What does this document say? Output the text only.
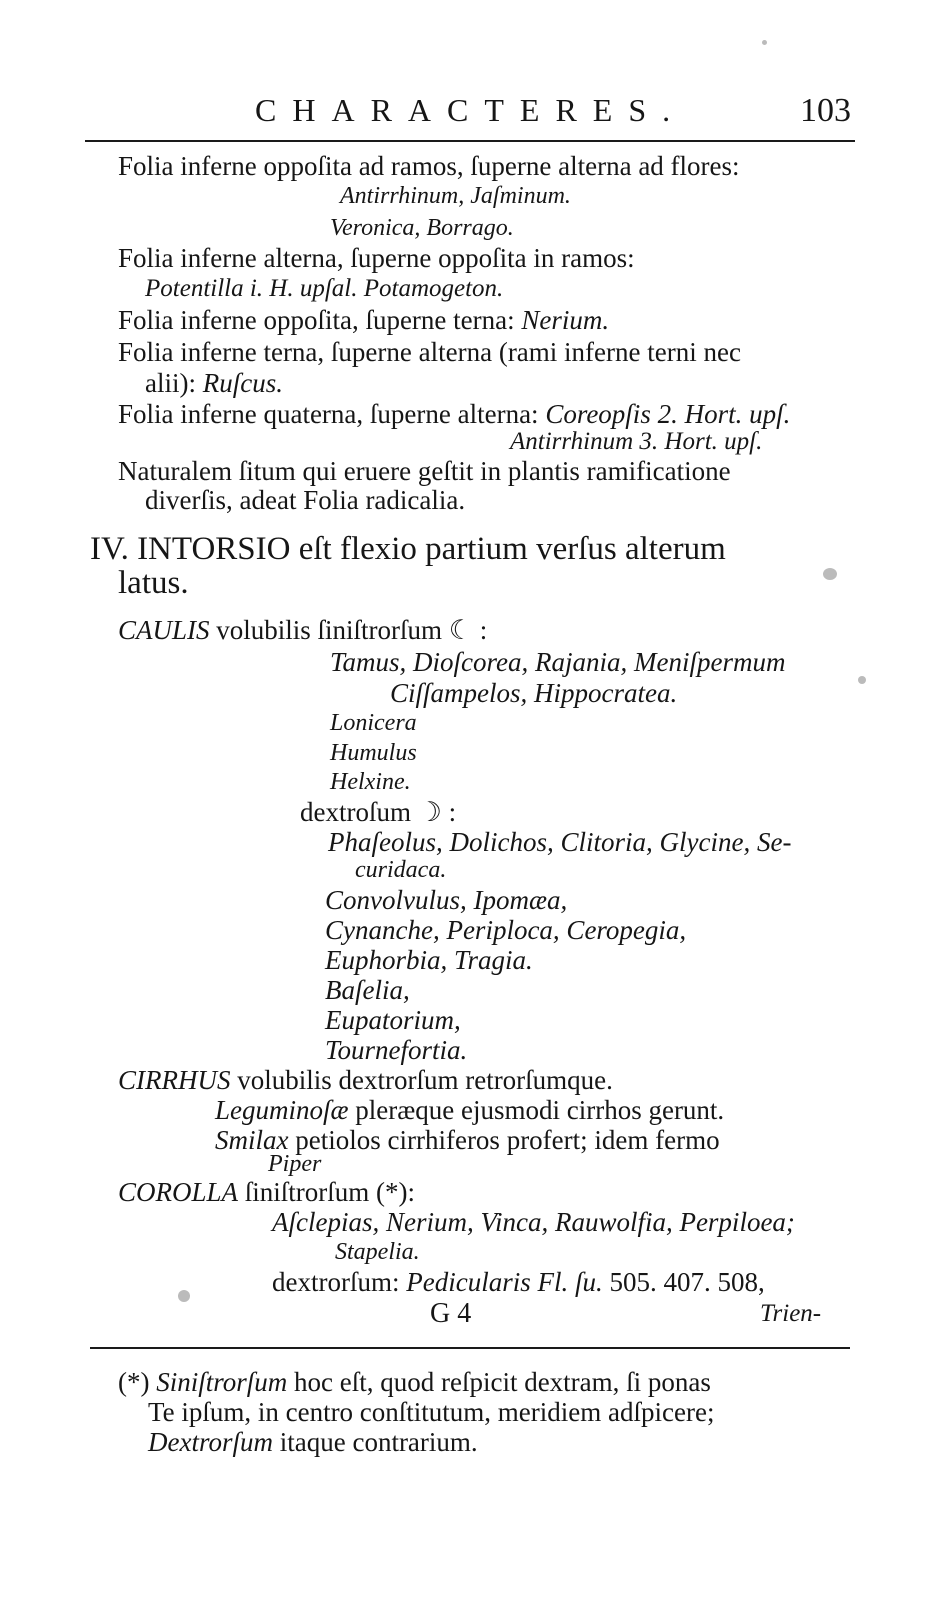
CHARACTERES.	103
Folia inferne oppoſita ad ramos, ſuperne alterna ad flores:
Antirrhinum, Jaſminum.
Veronica, Borrago.
Folia inferne alterna, ſuperne oppoſita in ramos:
Potentilla i. H. upſal. Potamogeton.
Folia inferne oppoſita, ſuperne terna: Nerium.
Folia inferne terna, ſuperne alterna (rami inferne terni nec
alii): Ruſcus.
Folia inferne quaterna, ſuperne alterna: Coreopſis 2. Hort. upſ.
Antirrhinum 3. Hort. upſ.
Naturalem ſitum qui eruere geſtit in plantis ramificatione
diverſis, adeat Folia radicalia.
IV. INTORSIO eſt flexio partium verſus alterum
latus.
CAULIS volubilis ſiniſtrorſum ☾ :
Tamus, Dioſcorea, Rajania, Meniſpermum
Ciſſampelos, Hippocratea.
Lonicera
Humulus
Helxine.
dextroſum ☽ :
Phaſeolus, Dolichos, Clitoria, Glycine, Se-
curidaca.
Convolvulus, Ipomæa,
Cynanche, Periploca, Ceropegia,
Euphorbia, Tragia.
Baſelia,
Eupatorium,
Tournefortia.
CIRRHUS volubilis dextrorſum retrorſumque.
Leguminoſæ pleræque ejusmodi cirrhos gerunt.
Smilax petiolos cirrhiferos profert; idem fermo
Piper
COROLLA ſiniſtrorſum (*):
Aſclepias, Nerium, Vinca, Rauwolfia, Perpiloea;
Stapelia.
dextrorſum: Pedicularis Fl. ſu. 505. 407. 508,
G 4	Trien-
(*) Siniſtrorſum hoc eſt, quod reſpicit dextram, ſi ponas
Te ipſum, in centro conſtitutum, meridiem adſpicere;
Dextrorſum itaque contrarium.
